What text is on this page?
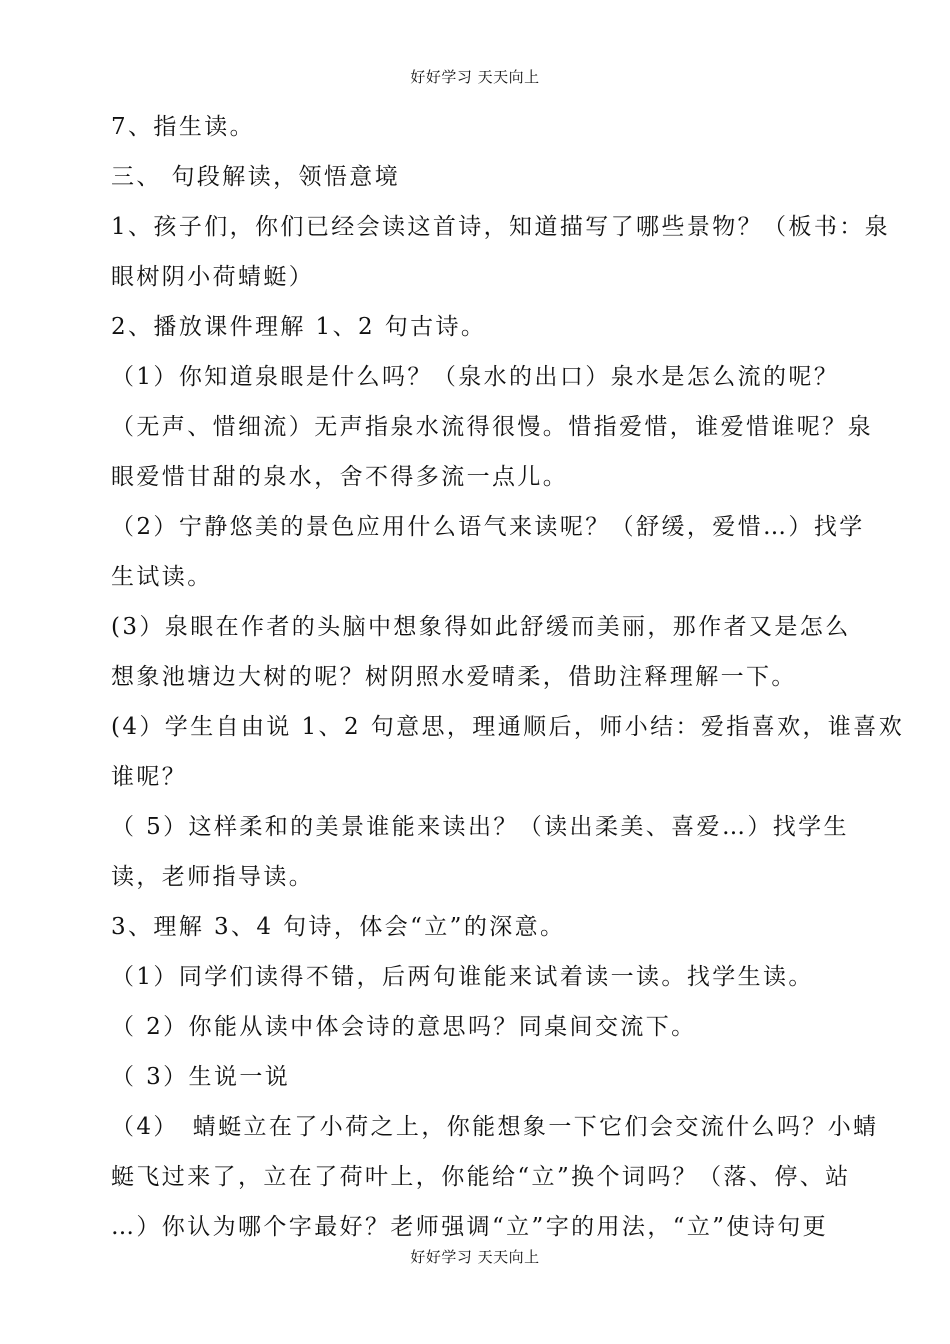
好好学习 天天向上
7、指生读。
三、 句段解读，领悟意境
1、孩子们，你们已经会读这首诗，知道描写了哪些景物？（板书：泉
眼树阴小荷蜻蜓）
2、播放课件理解 1、2 句古诗。
（1）你知道泉眼是什么吗？（泉水的出口）泉水是怎么流的呢？
（无声、惜细流）无声指泉水流得很慢。惜指爱惜，谁爱惜谁呢？泉
眼爱惜甘甜的泉水，舍不得多流一点儿。
（2）宁静悠美的景色应用什么语气来读呢？（舒缓，爱惜…）找学
生试读。
(3）泉眼在作者的头脑中想象得如此舒缓而美丽，那作者又是怎么
想象池塘边大树的呢？树阴照水爱晴柔，借助注释理解一下。
(4）学生自由说 1、2 句意思，理通顺后，师小结：爱指喜欢，谁喜欢
谁呢？
（ 5）这样柔和的美景谁能来读出？（读出柔美、喜爱…）找学生
读，老师指导读。
3、理解 3、4 句诗，体会“立”的深意。
（1）同学们读得不错，后两句谁能来试着读一读。找学生读。
（ 2）你能从读中体会诗的意思吗？同桌间交流下。
（ 3）生说一说
（4）　蜻蜓立在了小荷之上，你能想象一下它们会交流什么吗？小蜻
蜓飞过来了，立在了荷叶上，你能给“立”换个词吗？（落、停、站
…）你认为哪个字最好？老师强调“立”字的用法，“立”使诗句更
好好学习 天天向上
